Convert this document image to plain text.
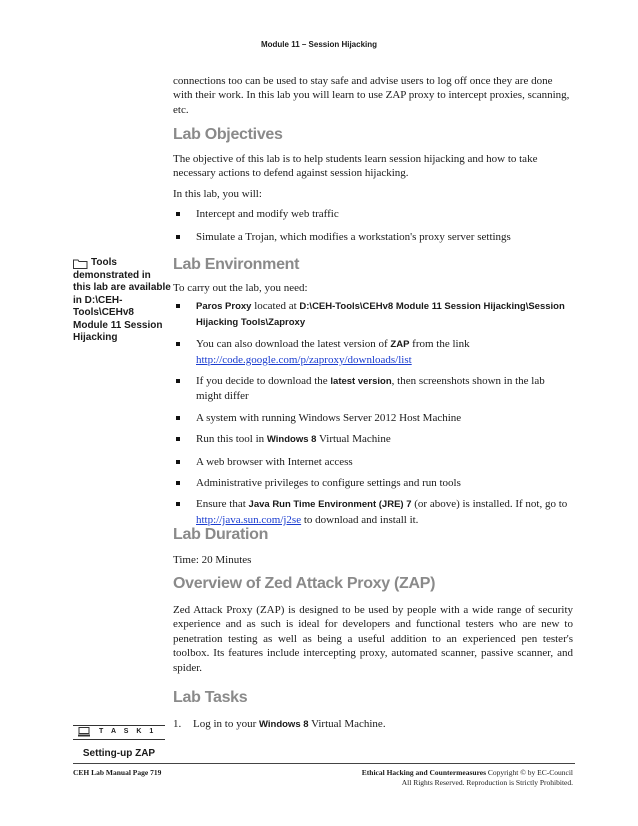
Module 11 – Session Hijacking

connections too can be used to stay safe and advise users to log off once they are done with their work. In this lab you will learn to use ZAP proxy to intercept proxies, scanning, etc.

Lab Objectives

The objective of this lab is to help students learn session hijacking and how to take necessary actions to defend against session hijacking.

In this lab, you will:

Intercept and modify web traffic
Simulate a Trojan, which modifies a workstation's proxy server settings
Tools
demonstrated in this lab are available in D:\CEH-Tools\CEHv8 Module 11 Session Hijacking
Lab Environment

To carry out the lab, you need:

Paros Proxy located at D:\CEH-Tools\CEHv8 Module 11 Session Hijacking\Session Hijacking Tools\Zaproxy
You can also download the latest version of ZAP from the link
http://code.google.com/p/zaproxy/downloads/list
If you decide to download the latest version, then screenshots shown in the lab might differ
A system with running Windows Server 2012 Host Machine
Run this tool in Windows 8 Virtual Machine
A web browser with Internet access
Administrative privileges to configure settings and run tools
Ensure that Java Run Time Environment (JRE) 7 (or above) is installed. If not, go to http://java.sun.com/j2se to download and install it.
Lab Duration

Time: 20 Minutes

Overview of Zed Attack Proxy (ZAP)

Zed Attack Proxy (ZAP) is designed to be used by people with a wide range of security experience and as such is ideal for developers and functional testers who are new to penetration testing as well as being a useful addition to an experienced pen tester's toolbox. Its features include intercepting proxy, automated scanner, passive scanner, and spider.

Lab Tasks
1. Log in to your Windows 8 Virtual Machine.
T A S K 1
Setting-up ZAP
CEH Lab Manual Page 719	Ethical Hacking and Countermeasures Copyright © by EC-Council
All Rights Reserved. Reproduction is Strictly Prohibited.
